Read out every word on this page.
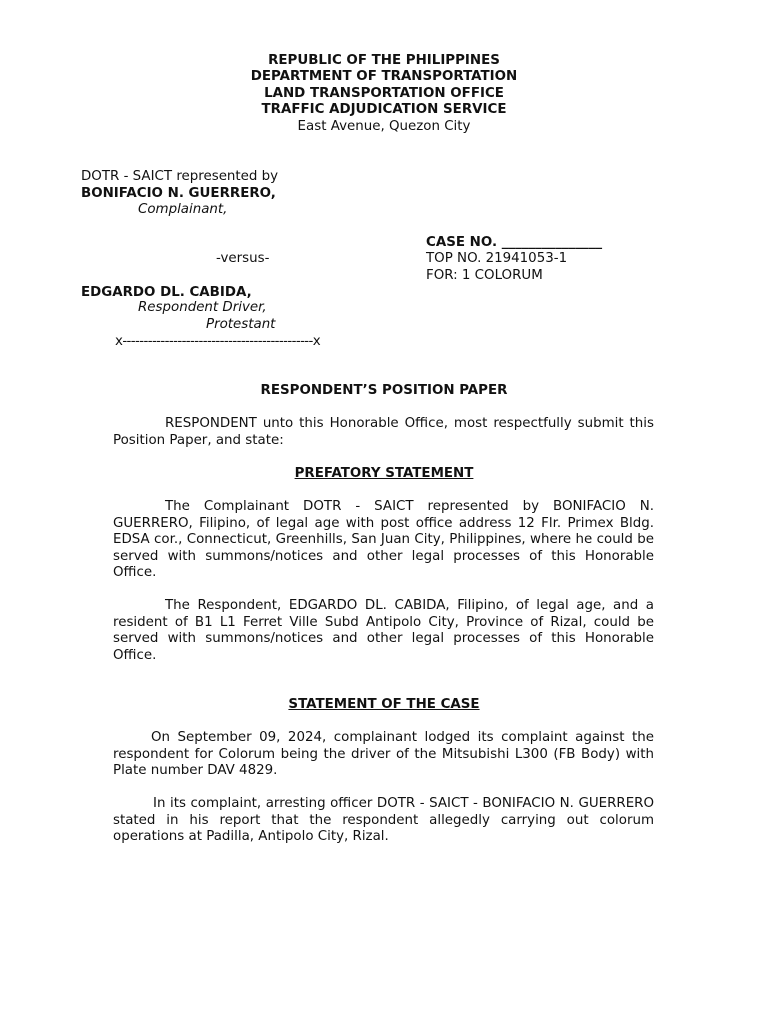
REPUBLIC OF THE PHILIPPINES
DEPARTMENT OF TRANSPORTATION
LAND TRANSPORTATION OFFICE
TRAFFIC ADJUDICATION SERVICE
East Avenue, Quezon City
DOTR - SAICT represented by
BONIFACIO N. GUERRERO,
Complainant,
CASE NO. _______________
-versus-	TOP NO. 21941053-1
FOR: 1 COLORUM
EDGARDO DL. CABIDA,
Respondent Driver,
Protestant
x---------------------------------------------x
RESPONDENT’S POSITION PAPER

RESPONDENT unto this Honorable Office, most respectfully submit this Position Paper, and state:

PREFATORY STATEMENT

The Complainant DOTR - SAICT represented by BONIFACIO N. GUERRERO, Filipino, of legal age with post office address 12 Flr. Primex Bldg. EDSA cor., Connecticut, Greenhills, San Juan City, Philippines, where he could be served with summons/notices and other legal processes of this Honorable Office.

The Respondent, EDGARDO DL. CABIDA, Filipino, of legal age, and a resident of B1 L1 Ferret Ville Subd Antipolo City, Province of Rizal, could be served with summons/notices and other legal processes of this Honorable Office.

STATEMENT OF THE CASE

On September 09, 2024, complainant lodged its complaint against the respondent for Colorum being the driver of the Mitsubishi L300 (FB Body) with Plate number DAV 4829.

In its complaint, arresting officer DOTR - SAICT - BONIFACIO N. GUERRERO stated in his report that the respondent allegedly carrying out colorum operations at Padilla, Antipolo City, Rizal.
